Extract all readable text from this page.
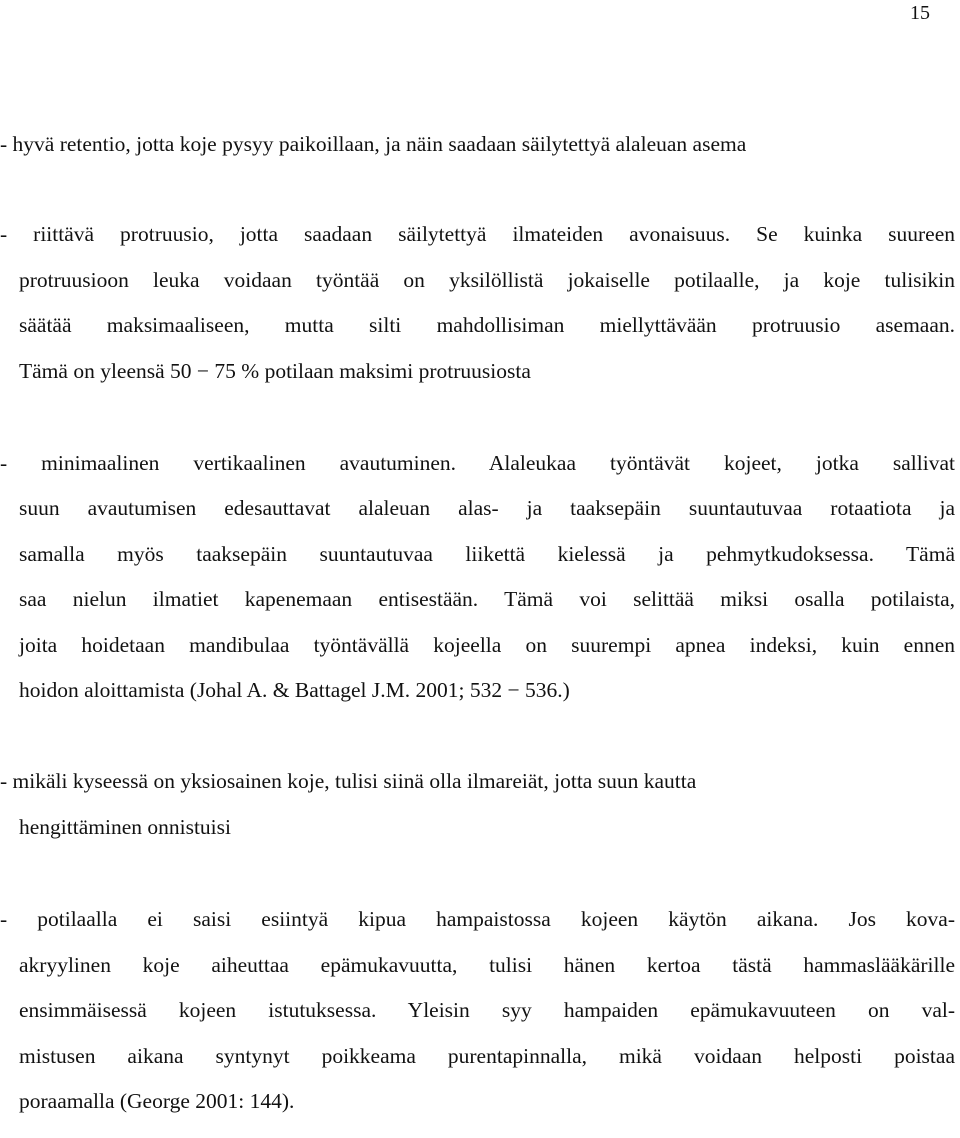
15
- hyvä retentio, jotta koje pysyy paikoillaan, ja näin saadaan säilytettyä alaleuan asema
- riittävä protruusio, jotta saadaan säilytettyä ilmateiden avonaisuus. Se kuinka suureen
protruusioon leuka voidaan työntää on yksilöllistä jokaiselle potilaalle, ja koje tulisikin
säätää maksimaaliseen, mutta silti mahdollisiman miellyttävään protruusio asemaan.
Tämä on yleensä 50 − 75 % potilaan maksimi protruusiosta
- minimaalinen vertikaalinen avautuminen. Alaleukaa työntävät kojeet, jotka sallivat
suun avautumisen edesauttavat alaleuan alas- ja taaksepäin suuntautuvaa rotaatiota ja
samalla myös taaksepäin suuntautuvaa liikettä kielessä ja pehmytkudoksessa. Tämä
saa nielun ilmatiet kapenemaan entisestään. Tämä voi selittää miksi osalla potilaista,
joita hoidetaan mandibulaa työntävällä kojeella on suurempi apnea indeksi, kuin ennen
hoidon aloittamista (Johal A. & Battagel J.M. 2001; 532 − 536.)
- mikäli kyseessä on yksiosainen koje, tulisi siinä olla ilmareiät, jotta suun kautta
hengittäminen onnistuisi
- potilaalla ei saisi esiintyä kipua hampaistossa kojeen käytön aikana. Jos kova-
akryylinen koje aiheuttaa epämukavuutta, tulisi hänen kertoa tästä hammaslääkärille
ensimmäisessä kojeen istutuksessa. Yleisin syy hampaiden epämukavuuteen on val-
mistusen aikana syntynyt poikkeama purentapinnalla, mikä voidaan helposti poistaa
poraamalla (George 2001: 144).
